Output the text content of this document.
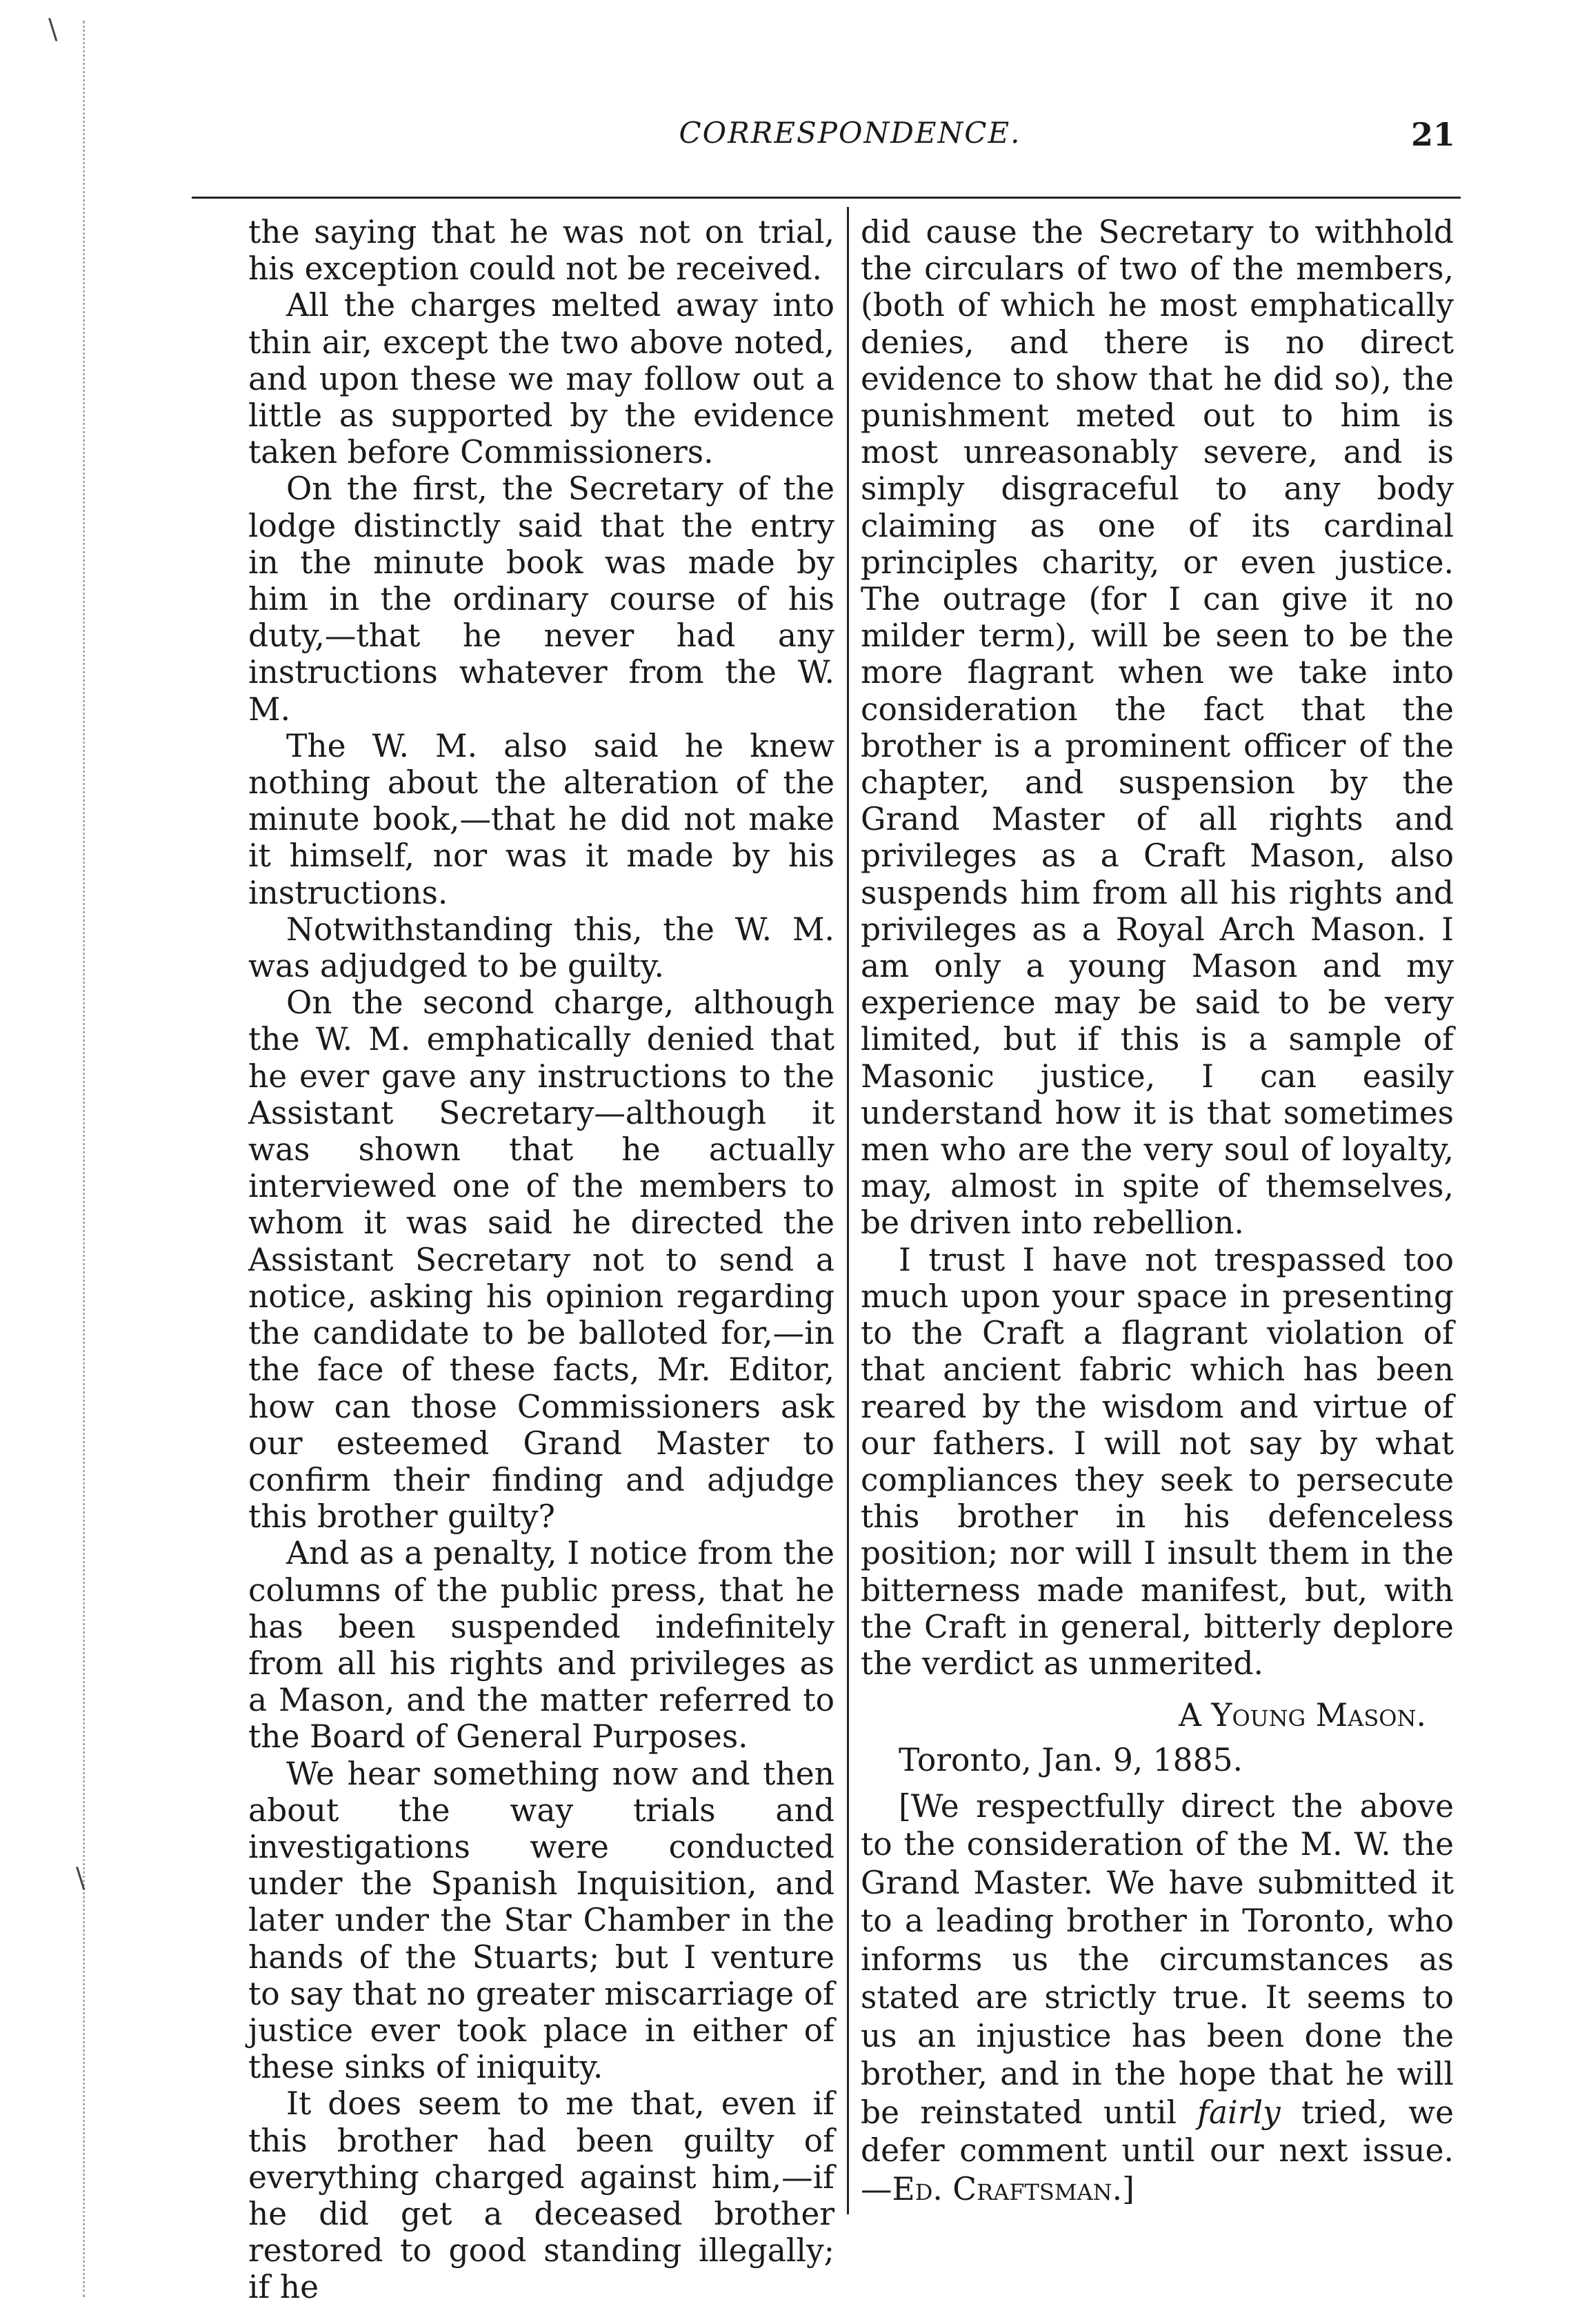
\
\
CORRESPONDENCE.	21

the saying that he was not on trial, his exception could not be received.

All the charges melted away into thin air, except the two above noted, and upon these we may follow out a little as supported by the evidence taken before Commissioners.

On the first, the Secretary of the lodge distinctly said that the entry in the minute book was made by him in the ordinary course of his duty,—that he never had any instructions whatever from the W. M.

The W. M. also said he knew nothing about the alteration of the minute book,—that he did not make it himself, nor was it made by his instructions.

Notwithstanding this, the W. M. was adjudged to be guilty.

On the second charge, although the W. M. emphatically denied that he ever gave any instructions to the Assistant Secretary—although it was shown that he actually interviewed one of the members to whom it was said he directed the Assistant Secretary not to send a notice, asking his opinion regarding the candidate to be balloted for,—in the face of these facts, Mr. Editor, how can those Commissioners ask our esteemed Grand Master to confirm their finding and adjudge this brother guilty?

And as a penalty, I notice from the columns of the public press, that he has been suspended indefinitely from all his rights and privileges as a Mason, and the matter referred to the Board of General Purposes.

We hear something now and then about the way trials and investigations were conducted under the Spanish Inquisition, and later under the Star Chamber in the hands of the Stuarts; but I venture to say that no greater miscarriage of justice ever took place in either of these sinks of iniquity.

It does seem to me that, even if this brother had been guilty of everything charged against him,—if he did get a deceased brother restored to good standing illegally; if he

did cause the Secretary to withhold the circulars of two of the members, (both of which he most emphatically denies, and there is no direct evidence to show that he did so), the punishment meted out to him is most unreasonably severe, and is simply disgraceful to any body claiming as one of its cardinal principles charity, or even justice. The outrage (for I can give it no milder term), will be seen to be the more flagrant when we take into consideration the fact that the brother is a prominent officer of the chapter, and suspension by the Grand Master of all rights and privileges as a Craft Mason, also suspends him from all his rights and privileges as a Royal Arch Mason. I am only a young Mason and my experience may be said to be very limited, but if this is a sample of Masonic justice, I can easily understand how it is that sometimes men who are the very soul of loyalty, may, almost in spite of themselves, be driven into rebellion.

I trust I have not trespassed too much upon your space in presenting to the Craft a flagrant violation of that ancient fabric which has been reared by the wisdom and virtue of our fathers. I will not say by what compliances they seek to persecute this brother in his defenceless position; nor will I insult them in the bitterness made manifest, but, with the Craft in general, bitterly deplore the verdict as unmerited.

A Young Mason.

Toronto, Jan. 9, 1885.

[We respectfully direct the above to the consideration of the M. W. the Grand Master. We have submitted it to a leading brother in Toronto, who informs us the circumstances as stated are strictly true. It seems to us an injustice has been done the brother, and in the hope that he will be reinstated until fairly tried, we defer comment until our next issue.—Ed. Craftsman.]
